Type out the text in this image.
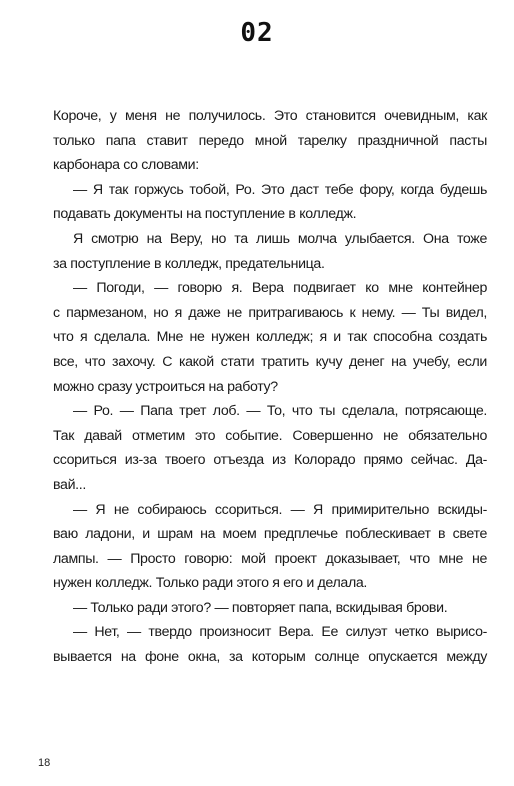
02
Короче, у меня не получилось. Это становится очевидным, как
только папа ставит передо мной тарелку праздничной пасты
карбонара со словами:
— Я так горжусь тобой, Ро. Это даст тебе фору, когда будешь
подавать документы на поступление в колледж.
Я смотрю на Веру, но та лишь молча улыбается. Она тоже
за поступление в колледж, предательница.
— Погоди, — говорю я. Вера подвигает ко мне контейнер
с пармезаном, но я даже не притрагиваюсь к нему. — Ты видел,
что я сделала. Мне не нужен колледж; я и так способна создать
все, что захочу. С какой стати тратить кучу денег на учебу, если
можно сразу устроиться на работу?
— Ро. — Папа трет лоб. — То, что ты сделала, потрясающе.
Так давай отметим это событие. Совершенно не обязательно
ссориться из-за твоего отъезда из Колорадо прямо сейчас. Да-
вай...
— Я не собираюсь ссориться. — Я примирительно вскиды-
ваю ладони, и шрам на моем предплечье поблескивает в свете
лампы. — Просто говорю: мой проект доказывает, что мне не
нужен колледж. Только ради этого я его и делала.
— Только ради этого? — повторяет папа, вскидывая брови.
— Нет, — твердо произносит Вера. Ее силуэт четко вырисо-
вывается на фоне окна, за которым солнце опускается между
18
